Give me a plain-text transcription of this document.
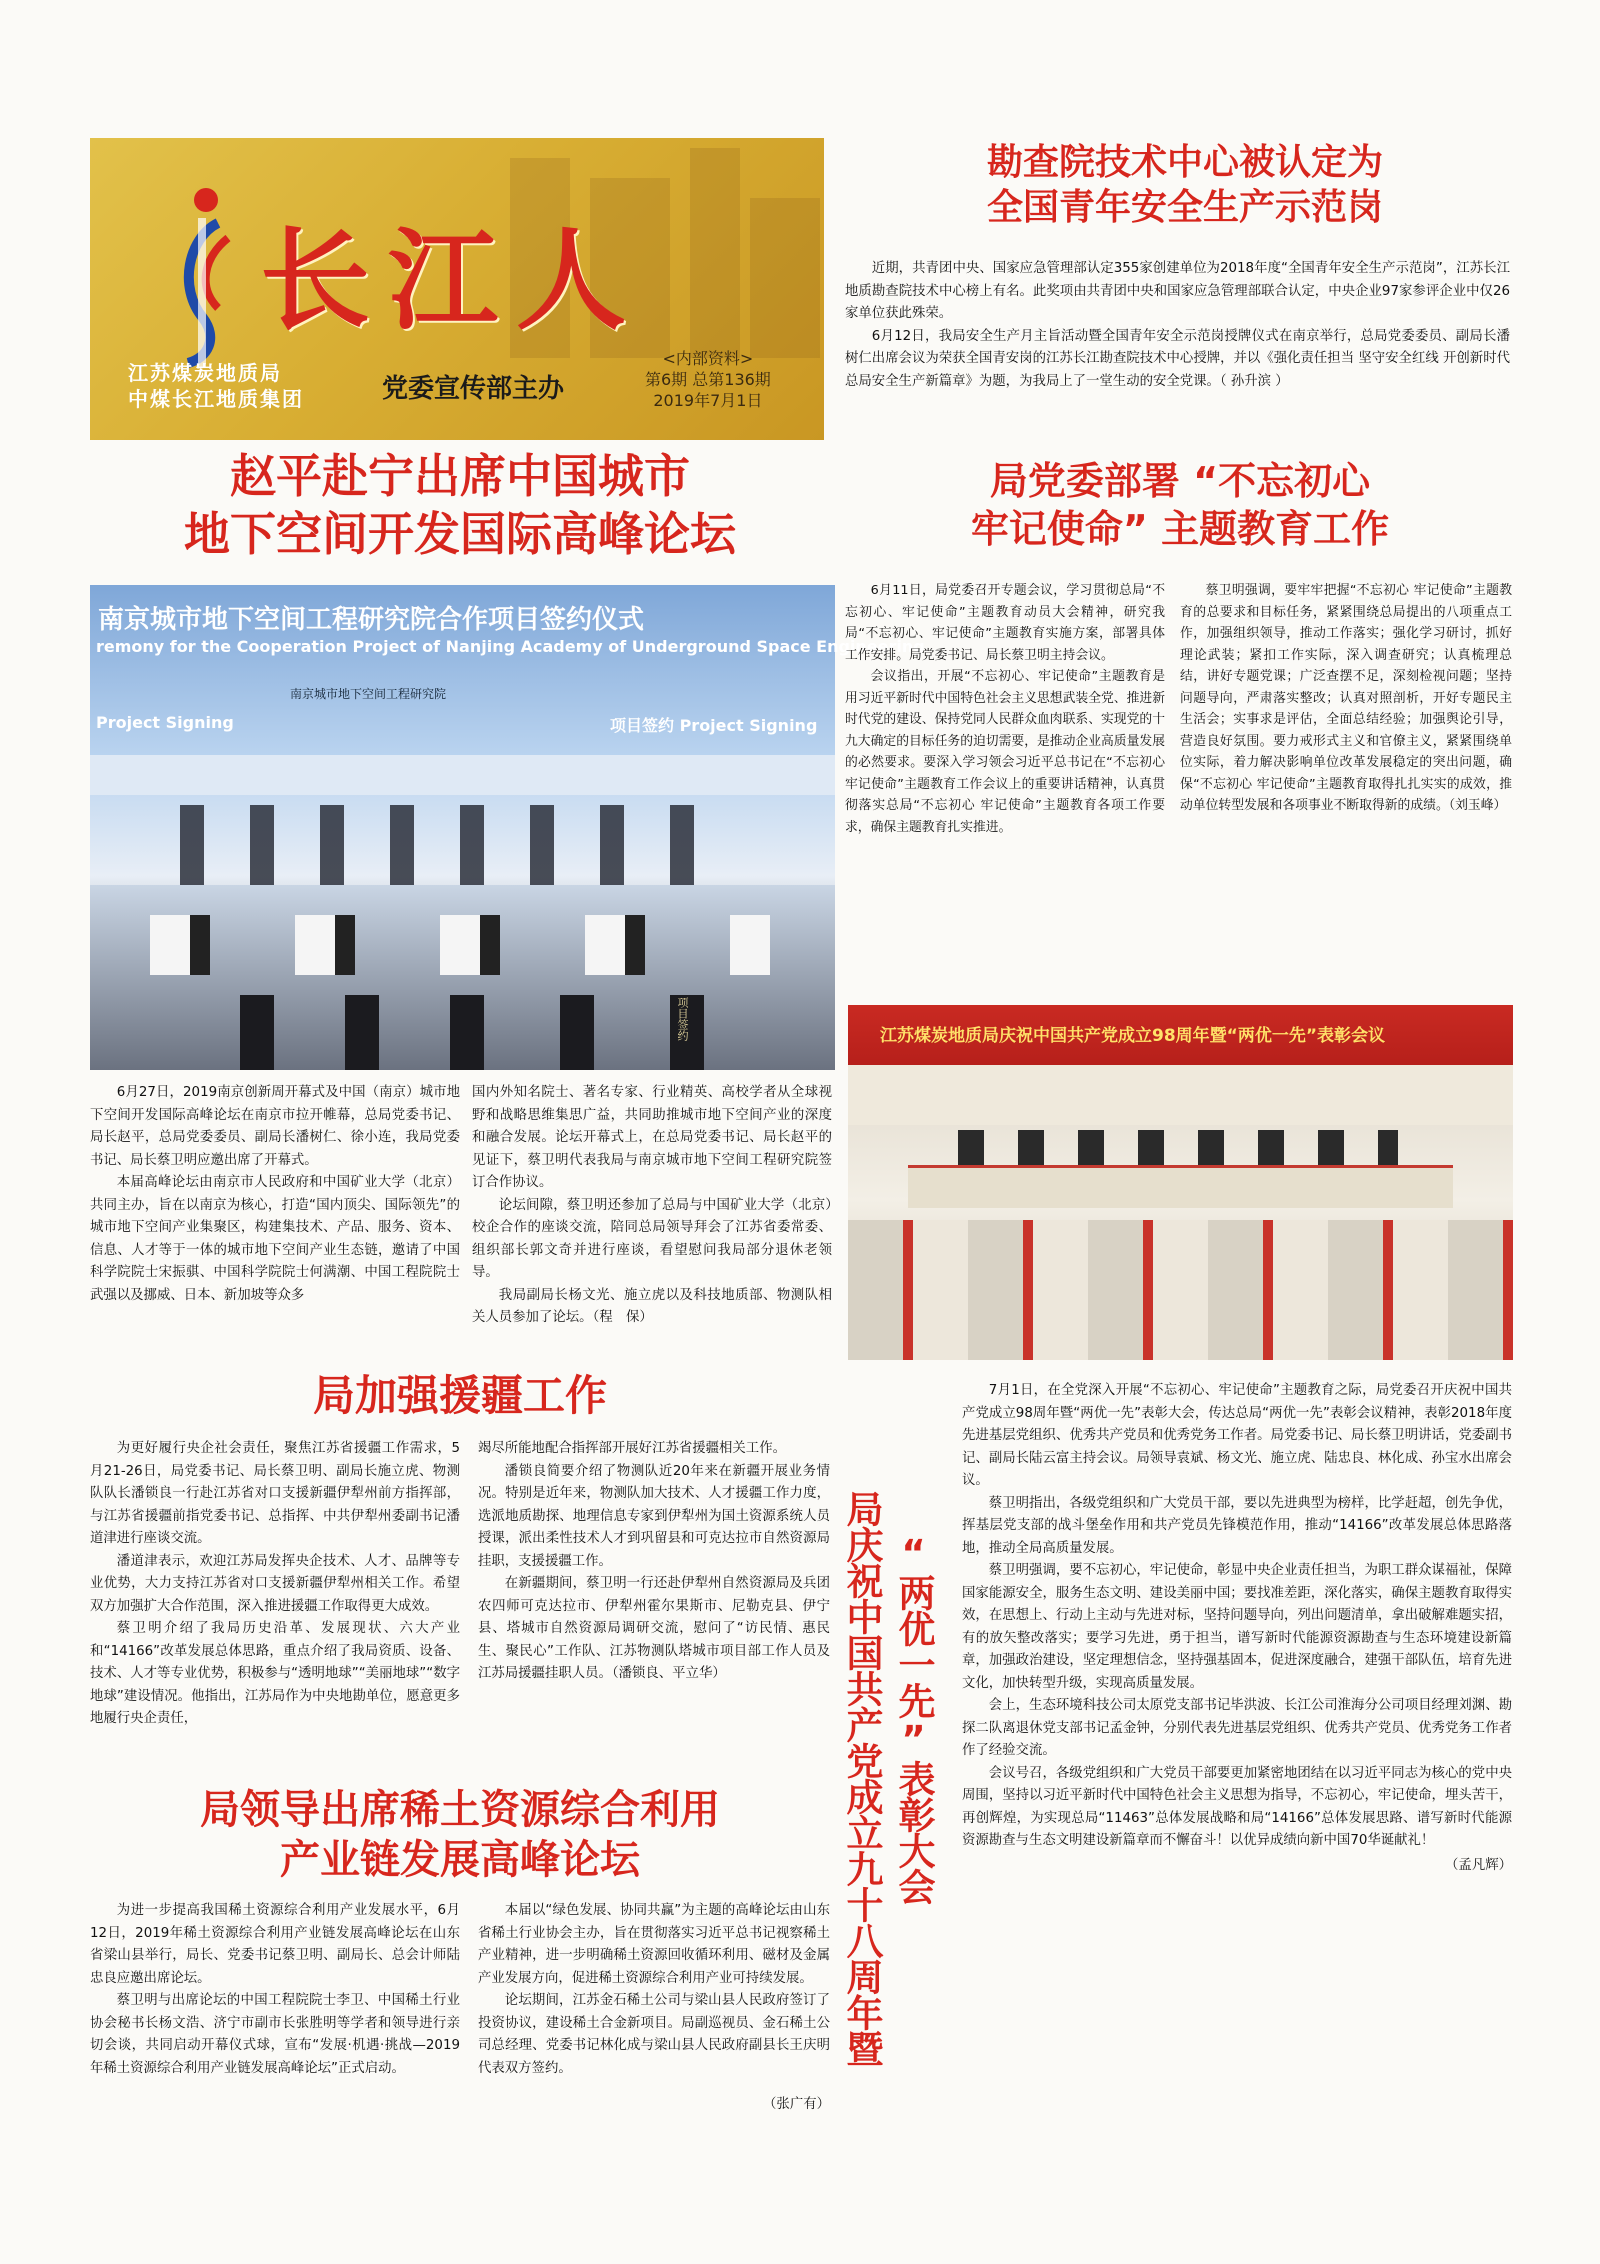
长江人
江苏煤炭地质局
中煤长江地质集团	党委宣传部主办
<内部资料>
第6期 总第136期
2019年7月1日
勘查院技术中心被认定为
全国青年安全生产示范岗

近期，共青团中央、国家应急管理部认定355家创建单位为2018年度“全国青年安全生产示范岗”，江苏长江地质勘查院技术中心榜上有名。此奖项由共青团中央和国家应急管理部联合认定，中央企业97家参评企业中仅26家单位获此殊荣。

6月12日，我局安全生产月主旨活动暨全国青年安全示范岗授牌仪式在南京举行，总局党委委员、副局长潘树仁出席会议为荣获全国青安岗的江苏长江勘查院技术中心授牌，并以《强化责任担当 坚守安全红线 开创新时代总局安全生产新篇章》为题，为我局上了一堂生动的安全党课。（ 孙升滨 ）

赵平赴宁出席中国城市
地下空间开发国际高峰论坛
局党委部署 “不忘初心
牢记使命” 主题教育工作
南京城市地下空间工程研究院合作项目签约仪式
remony for the Cooperation Project of Nanjing Academy of Underground Space Engineering
南京城市地下空间工程研究院
Project Signing	项目签约 Project Signing
项目签约

6月27日，2019南京创新周开幕式及中国（南京）城市地下空间开发国际高峰论坛在南京市拉开帷幕，总局党委书记、局长赵平，总局党委委员、副局长潘树仁、徐小连，我局党委书记、局长蔡卫明应邀出席了开幕式。

本届高峰论坛由南京市人民政府和中国矿业大学（北京）共同主办，旨在以南京为核心，打造“国内顶尖、国际领先”的城市地下空间产业集聚区，构建集技术、产品、服务、资本、信息、人才等于一体的城市地下空间产业生态链，邀请了中国科学院院士宋振骐、中国科学院院士何满潮、中国工程院院士武强以及挪威、日本、新加坡等众多

国内外知名院士、著名专家、行业精英、高校学者从全球视野和战略思维集思广益，共同助推城市地下空间产业的深度和融合发展。论坛开幕式上，在总局党委书记、局长赵平的见证下，蔡卫明代表我局与南京城市地下空间工程研究院签订合作协议。

论坛间隙，蔡卫明还参加了总局与中国矿业大学（北京）校企合作的座谈交流，陪同总局领导拜会了江苏省委常委、组织部长郭文奇并进行座谈，看望慰问我局部分退休老领导。

我局副局长杨文光、施立虎以及科技地质部、物测队相关人员参加了论坛。（程　保）

6月11日，局党委召开专题会议，学习贯彻总局“不忘初心、牢记使命”主题教育动员大会精神，研究我局“不忘初心、牢记使命”主题教育实施方案，部署具体工作安排。局党委书记、局长蔡卫明主持会议。

会议指出，开展“不忘初心、牢记使命”主题教育是用习近平新时代中国特色社会主义思想武装全党、推进新时代党的建设、保持党同人民群众血肉联系、实现党的十九大确定的目标任务的迫切需要，是推动企业高质量发展的必然要求。要深入学习领会习近平总书记在“不忘初心 牢记使命”主题教育工作会议上的重要讲话精神，认真贯彻落实总局“不忘初心 牢记使命”主题教育各项工作要求，确保主题教育扎实推进。

蔡卫明强调，要牢牢把握“不忘初心 牢记使命”主题教育的总要求和目标任务，紧紧围绕总局提出的八项重点工作，加强组织领导，推动工作落实；强化学习研讨，抓好理论武装；紧扣工作实际，深入调查研究；认真梳理总结，讲好专题党课；广泛查摆不足，深刻检视问题；坚持问题导向，严肃落实整改；认真对照剖析，开好专题民主生活会；实事求是评估，全面总结经验；加强舆论引导，营造良好氛围。要力戒形式主义和官僚主义，紧紧围绕单位实际，着力解决影响单位改革发展稳定的突出问题，确保“不忘初心 牢记使命”主题教育取得扎扎实实的成效，推动单位转型发展和各项事业不断取得新的成绩。（刘玉峰）

江苏煤炭地质局庆祝中国共产党成立98周年暨“两优一先”表彰会议
局加强援疆工作

为更好履行央企社会责任，聚焦江苏省援疆工作需求，5月21-26日，局党委书记、局长蔡卫明、副局长施立虎、物测队队长潘锁良一行赴江苏省对口支援新疆伊犁州前方指挥部，与江苏省援疆前指党委书记、总指挥、中共伊犁州委副书记潘道津进行座谈交流。

潘道津表示，欢迎江苏局发挥央企技术、人才、品牌等专业优势，大力支持江苏省对口支援新疆伊犁州相关工作。希望双方加强扩大合作范围，深入推进援疆工作取得更大成效。

蔡卫明介绍了我局历史沿革、发展现状、六大产业和“14166”改革发展总体思路，重点介绍了我局资质、设备、技术、人才等专业优势，积极参与“透明地球”“美丽地球”“数字地球”建设情况。他指出，江苏局作为中央地勘单位，愿意更多地履行央企责任，

竭尽所能地配合指挥部开展好江苏省援疆相关工作。

潘锁良简要介绍了物测队近20年来在新疆开展业务情况。特别是近年来，物测队加大技术、人才援疆工作力度，选派地质勘探、地理信息专家到伊犁州为国土资源系统人员授课，派出柔性技术人才到巩留县和可克达拉市自然资源局挂职，支援援疆工作。

在新疆期间，蔡卫明一行还赴伊犁州自然资源局及兵团农四师可克达拉市、伊犁州霍尔果斯市、尼勒克县、伊宁县、塔城市自然资源局调研交流，慰问了“访民情、惠民生、聚民心”工作队、江苏物测队塔城市项目部工作人员及江苏局援疆挂职人员。（潘锁良、平立华）

局领导出席稀土资源综合利用
产业链发展高峰论坛

为进一步提高我国稀土资源综合利用产业发展水平，6月12日，2019年稀土资源综合利用产业链发展高峰论坛在山东省梁山县举行，局长、党委书记蔡卫明、副局长、总会计师陆忠良应邀出席论坛。

蔡卫明与出席论坛的中国工程院院士李卫、中国稀土行业协会秘书长杨文浩、济宁市副市长张胜明等学者和领导进行亲切会谈，共同启动开幕仪式球，宣布“发展·机遇·挑战—2019年稀土资源综合利用产业链发展高峰论坛”正式启动。

本届以“绿色发展、协同共赢”为主题的高峰论坛由山东省稀土行业协会主办，旨在贯彻落实习近平总书记视察稀土产业精神，进一步明确稀土资源回收循环利用、磁材及金属产业发展方向，促进稀土资源综合利用产业可持续发展。

论坛期间，江苏金石稀土公司与梁山县人民政府签订了投资协议，建设稀土合金新项目。局副巡视员、金石稀土公司总经理、党委书记林化成与梁山县人民政府副县长王庆明代表双方签约。

（张广有）
局庆祝中国共产党成立九十八周年暨 “两优一先”表彰大会

7月1日，在全党深入开展“不忘初心、牢记使命”主题教育之际，局党委召开庆祝中国共产党成立98周年暨“两优一先”表彰大会，传达总局“两优一先”表彰会议精神，表彰2018年度先进基层党组织、优秀共产党员和优秀党务工作者。局党委书记、局长蔡卫明讲话，党委副书记、副局长陆云富主持会议。局领导袁斌、杨文光、施立虎、陆忠良、林化成、孙宝水出席会议。

蔡卫明指出，各级党组织和广大党员干部，要以先进典型为榜样，比学赶超，创先争优，挥基层党支部的战斗堡垒作用和共产党员先锋模范作用，推动“14166”改革发展总体思路落地，推动全局高质量发展。

蔡卫明强调，要不忘初心，牢记使命，彰显中央企业责任担当，为职工群众谋福祉，保障国家能源安全，服务生态文明、建设美丽中国；要找准差距，深化落实，确保主题教育取得实效，在思想上、行动上主动与先进对标，坚持问题导向，列出问题清单，拿出破解难题实招，有的放矢整改落实；要学习先进，勇于担当，谱写新时代能源资源勘查与生态环境建设新篇章，加强政治建设，坚定理想信念，坚持强基固本，促进深度融合，建强干部队伍，培育先进文化，加快转型升级，实现高质量发展。

会上，生态环境科技公司太原党支部书记毕洪波、长江公司淮海分公司项目经理刘渊、勘探二队离退休党支部书记孟金钟，分别代表先进基层党组织、优秀共产党员、优秀党务工作者作了经验交流。

会议号召，各级党组织和广大党员干部要更加紧密地团结在以习近平同志为核心的党中央周围，坚持以习近平新时代中国特色社会主义思想为指导，不忘初心，牢记使命，埋头苦干，再创辉煌，为实现总局“11463”总体发展战略和局“14166”总体发展思路、谱写新时代能源资源勘查与生态文明建设新篇章而不懈奋斗！以优异成绩向新中国70华诞献礼！

（孟凡辉）
